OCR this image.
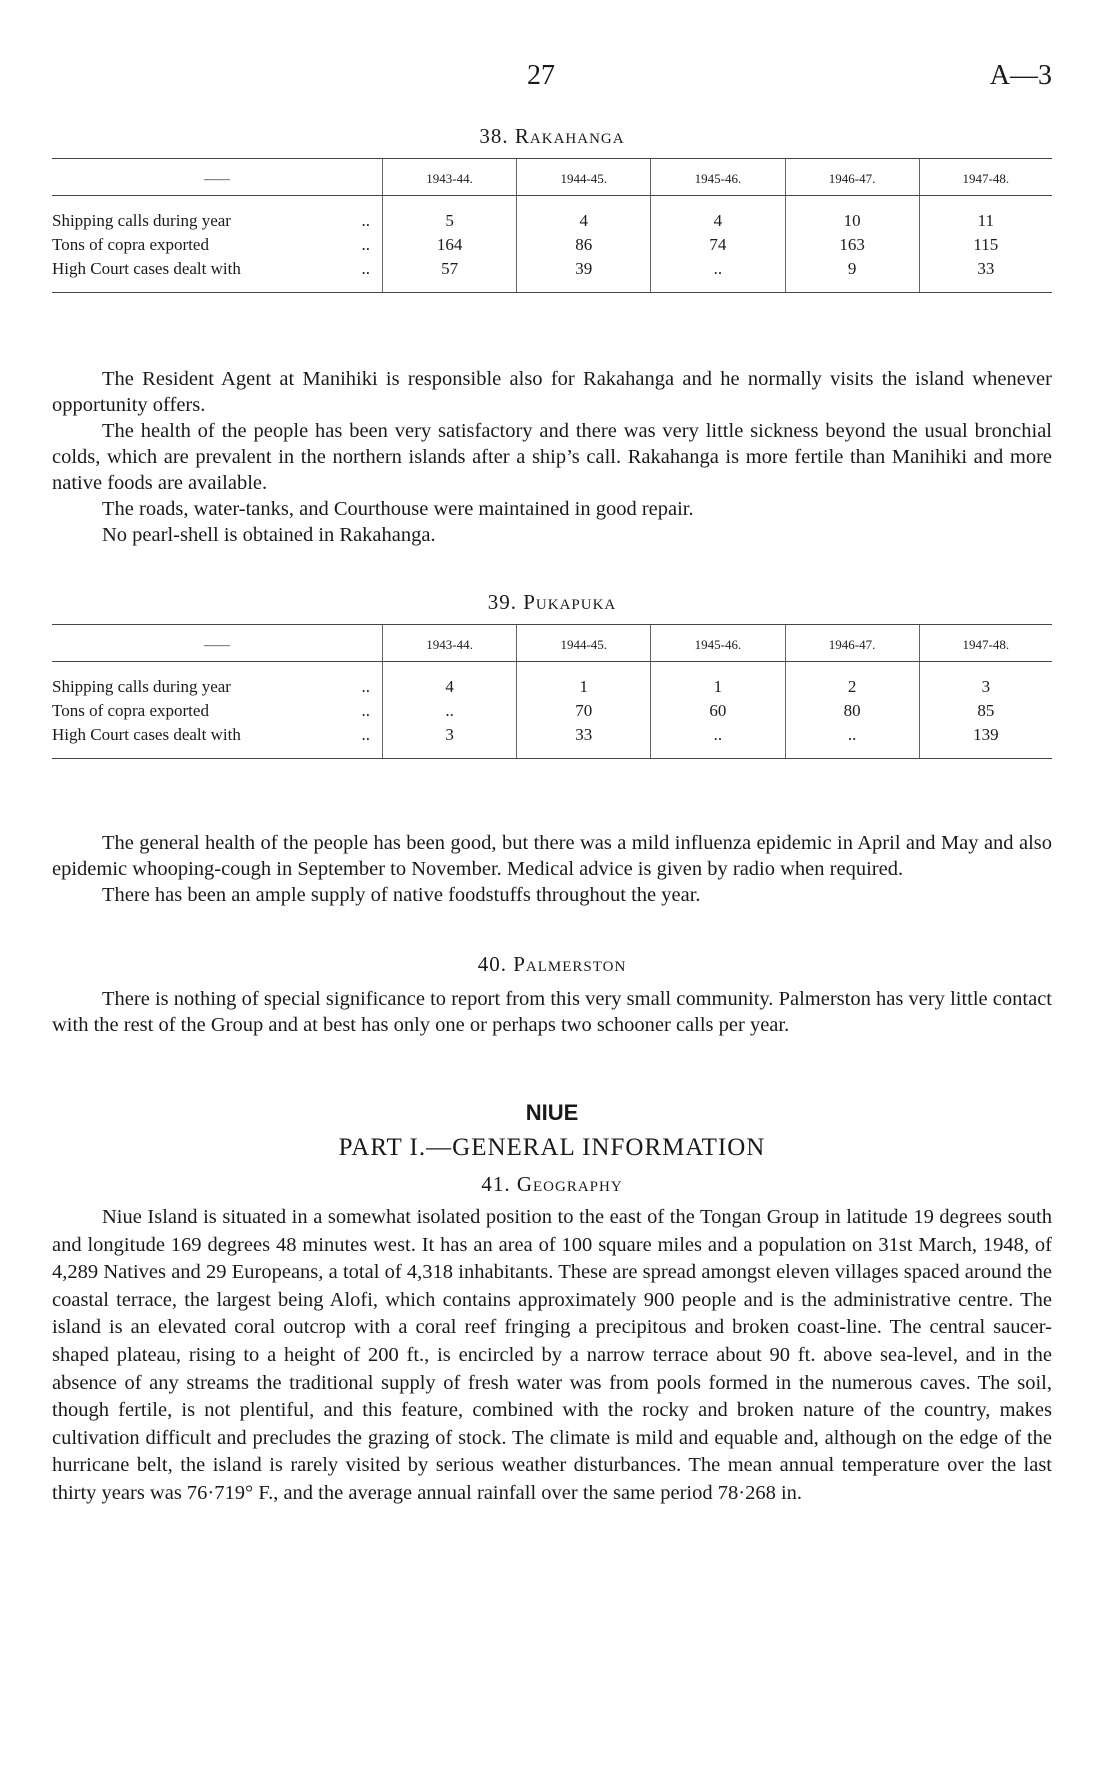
27	A—3
38. Rakahanga
——	1943-44.	1944-45.	1945-46.	1946-47.	1947-48.
Shipping calls during year ..	5	4	4	10	11
Tons of copra exported ..	164	86	74	163	115
High Court cases dealt with ..	57	39	..	9	33

The Resident Agent at Manihiki is responsible also for Rakahanga and he normally visits the island whenever opportunity offers.

The health of the people has been very satisfactory and there was very little sickness beyond the usual bronchial colds, which are prevalent in the northern islands after a ship’s call. Rakahanga is more fertile than Manihiki and more native foods are available.

The roads, water-tanks, and Courthouse were maintained in good repair.

No pearl-shell is obtained in Rakahanga.

39. Pukapuka
——	1943-44.	1944-45.	1945-46.	1946-47.	1947-48.
Shipping calls during year ..	4	1	1	2	3
Tons of copra exported ..	..	70	60	80	85
High Court cases dealt with ..	3	33	..	..	139

The general health of the people has been good, but there was a mild influenza epidemic in April and May and also epidemic whooping-cough in September to November. Medical advice is given by radio when required.

There has been an ample supply of native foodstuffs throughout the year.

40. Palmerston

There is nothing of special significance to report from this very small community. Palmerston has very little contact with the rest of the Group and at best has only one or perhaps two schooner calls per year.

NIUE
PART I.—GENERAL INFORMATION
41. Geography

Niue Island is situated in a somewhat isolated position to the east of the Tongan Group in latitude 19 degrees south and longitude 169 degrees 48 minutes west. It has an area of 100 square miles and a population on 31st March, 1948, of 4,289 Natives and 29 Europeans, a total of 4,318 inhabitants. These are spread amongst eleven villages spaced around the coastal terrace, the largest being Alofi, which contains approximately 900 people and is the administrative centre. The island is an elevated coral outcrop with a coral reef fringing a precipitous and broken coast-line. The central saucer-shaped plateau, rising to a height of 200 ft., is encircled by a narrow terrace about 90 ft. above sea-level, and in the absence of any streams the traditional supply of fresh water was from pools formed in the numerous caves. The soil, though fertile, is not plentiful, and this feature, combined with the rocky and broken nature of the country, makes cultivation difficult and precludes the grazing of stock. The climate is mild and equable and, although on the edge of the hurricane belt, the island is rarely visited by serious weather disturbances. The mean annual temperature over the last thirty years was 76·719° F., and the average annual rainfall over the same period 78·268 in.
